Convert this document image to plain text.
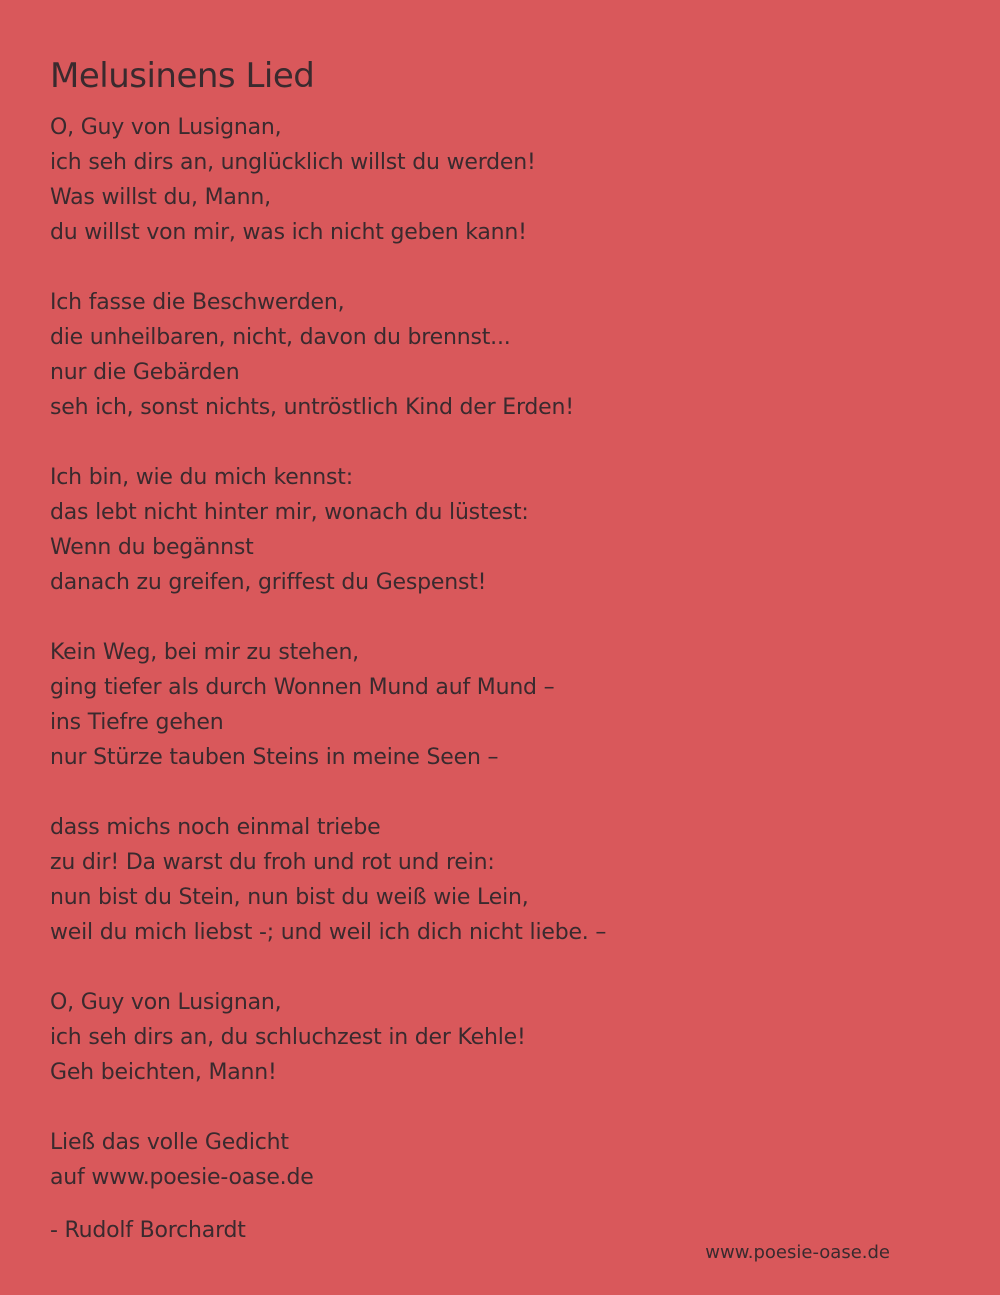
Melusinens Lied
O, Guy von Lusignan,
ich seh dirs an, unglücklich willst du werden!
Was willst du, Mann,
du willst von mir, was ich nicht geben kann!
Ich fasse die Beschwerden,
die unheilbaren, nicht, davon du brennst...
nur die Gebärden
seh ich, sonst nichts, untröstlich Kind der Erden!
Ich bin, wie du mich kennst:
das lebt nicht hinter mir, wonach du lüstest:
Wenn du begännst
danach zu greifen, griffest du Gespenst!
Kein Weg, bei mir zu stehen,
ging tiefer als durch Wonnen Mund auf Mund –
ins Tiefre gehen
nur Stürze tauben Steins in meine Seen –
dass michs noch einmal triebe
zu dir! Da warst du froh und rot und rein:
nun bist du Stein, nun bist du weiß wie Lein,
weil du mich liebst -; und weil ich dich nicht liebe. –
O, Guy von Lusignan,
ich seh dirs an, du schluchzest in der Kehle!
Geh beichten, Mann!
Ließ das volle Gedicht
auf www.poesie-oase.de
- Rudolf Borchardt
www.poesie-oase.de
